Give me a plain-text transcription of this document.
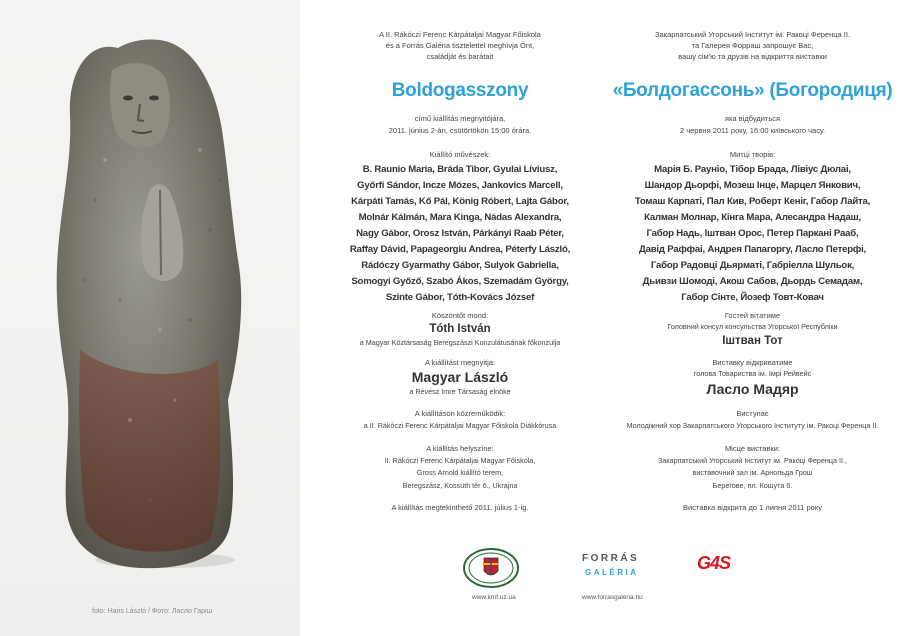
foto: Haris László / Фото: Ласло Гаріш
A II. Rákóczi Ferenc Kárpátaljai Magyar Főiskola
és a Forrás Galéria tisztelettel meghívja Önt,
családját és barátait
Boldogasszony
című kiállítás megnyitójára,
2011. június 2-án, csütörtökön 15:00 órára.
Kiállító művészek:
B. Raunio Maria, Bráda Tibor, Gyulai Líviusz,
Győrfi Sándor, Incze Mózes, Jankovics Marcell,
Kárpáti Tamás, Kő Pál, König Róbert, Lajta Gábor,
Molnár Kálmán, Mara Kinga, Nádas Alexandra,
Nagy Gábor, Orosz István, Párkányi Raab Péter,
Raffay Dávid, Papageorgiu Andrea, Péterfy László,
Rádóczy Gyarmathy Gábor, Sulyok Gabriella,
Somogyi Győző, Szabó Ákos, Szemadám György,
Szinte Gábor, Tóth-Kovács József
Köszöntőt mond:
Tóth István
a Magyar Köztársaság Beregszászi Konzulátusának főkonzulja
A kiállítást megnyitja:
Magyar László
a Révész Imre Társaság elnöke
A kiállításon közreműködik:
a II. Rákóczi Ferenc Kárpátaljai Magyar Főiskola Diákkórusa
A kiállítás helyszíne:
II. Rákóczi Ferenc Kárpátaljai Magyar Főiskola,
Gross Arnold kiállító terem,
Beregszász, Kossuth tér 6., Ukrajna
A kiállítás megtekinthető 2011. július 1-ig.
Закарпатський Угорський Інститут ім. Ракоці Ференца ІІ.
та Галерея Форраш запрошує Вас,
вашу сім'ю та друзів на відкриття виставки
«Болдогассонь» (Богородиця)
яка відбудиться
2 червня 2011 року, 16:00 київського часу.
Митці творів:
Марія Б. Рауніо, Тібор Брада, Лівіус Дюлаі,
Шандор Дьорфі, Мозеш Інце, Марцел Янкович,
Томаш Карпаті, Пал Кив, Роберт Кеніг, Габор Лайта,
Калман Молнар, Кінга Мара, Алесандра Надаш,
Габор Надь, Іштван Орос, Петер Паркані Рааб,
Давід Раффаі, Андрея Папагоргу, Ласло Петерфі,
Габор Радовці Дьярматі, Габріелла Шульок,
Дьивзи Шомоді, Акош Сабов, Дьордь Семадам,
Габор Сінте, Йозеф Товт-Ковач
Гостей вітатиме
Головний консул консульства Угорської Республіки
Іштван Тот
Виставку відкриватиме
голова Товариства ім. Імрі Рейвейс
Ласло Мадяр
Виступає
Молодіжний хор Закарпатського Угорського Інституту ім. Ракоці Ференца ІІ.
Місце виставки:
Закарпатський Угорський Інститут ім. Ракоці Ференца ІІ.,
виставочний зал ім. Арнольда Грош
Берегове, пл. Кошута 6.
Виставка відкрита до 1 липня 2011 року
www.kmf.uz.ua
FORRÁS
GALÉRIA
www.forrasgaleria.hu
G4S
